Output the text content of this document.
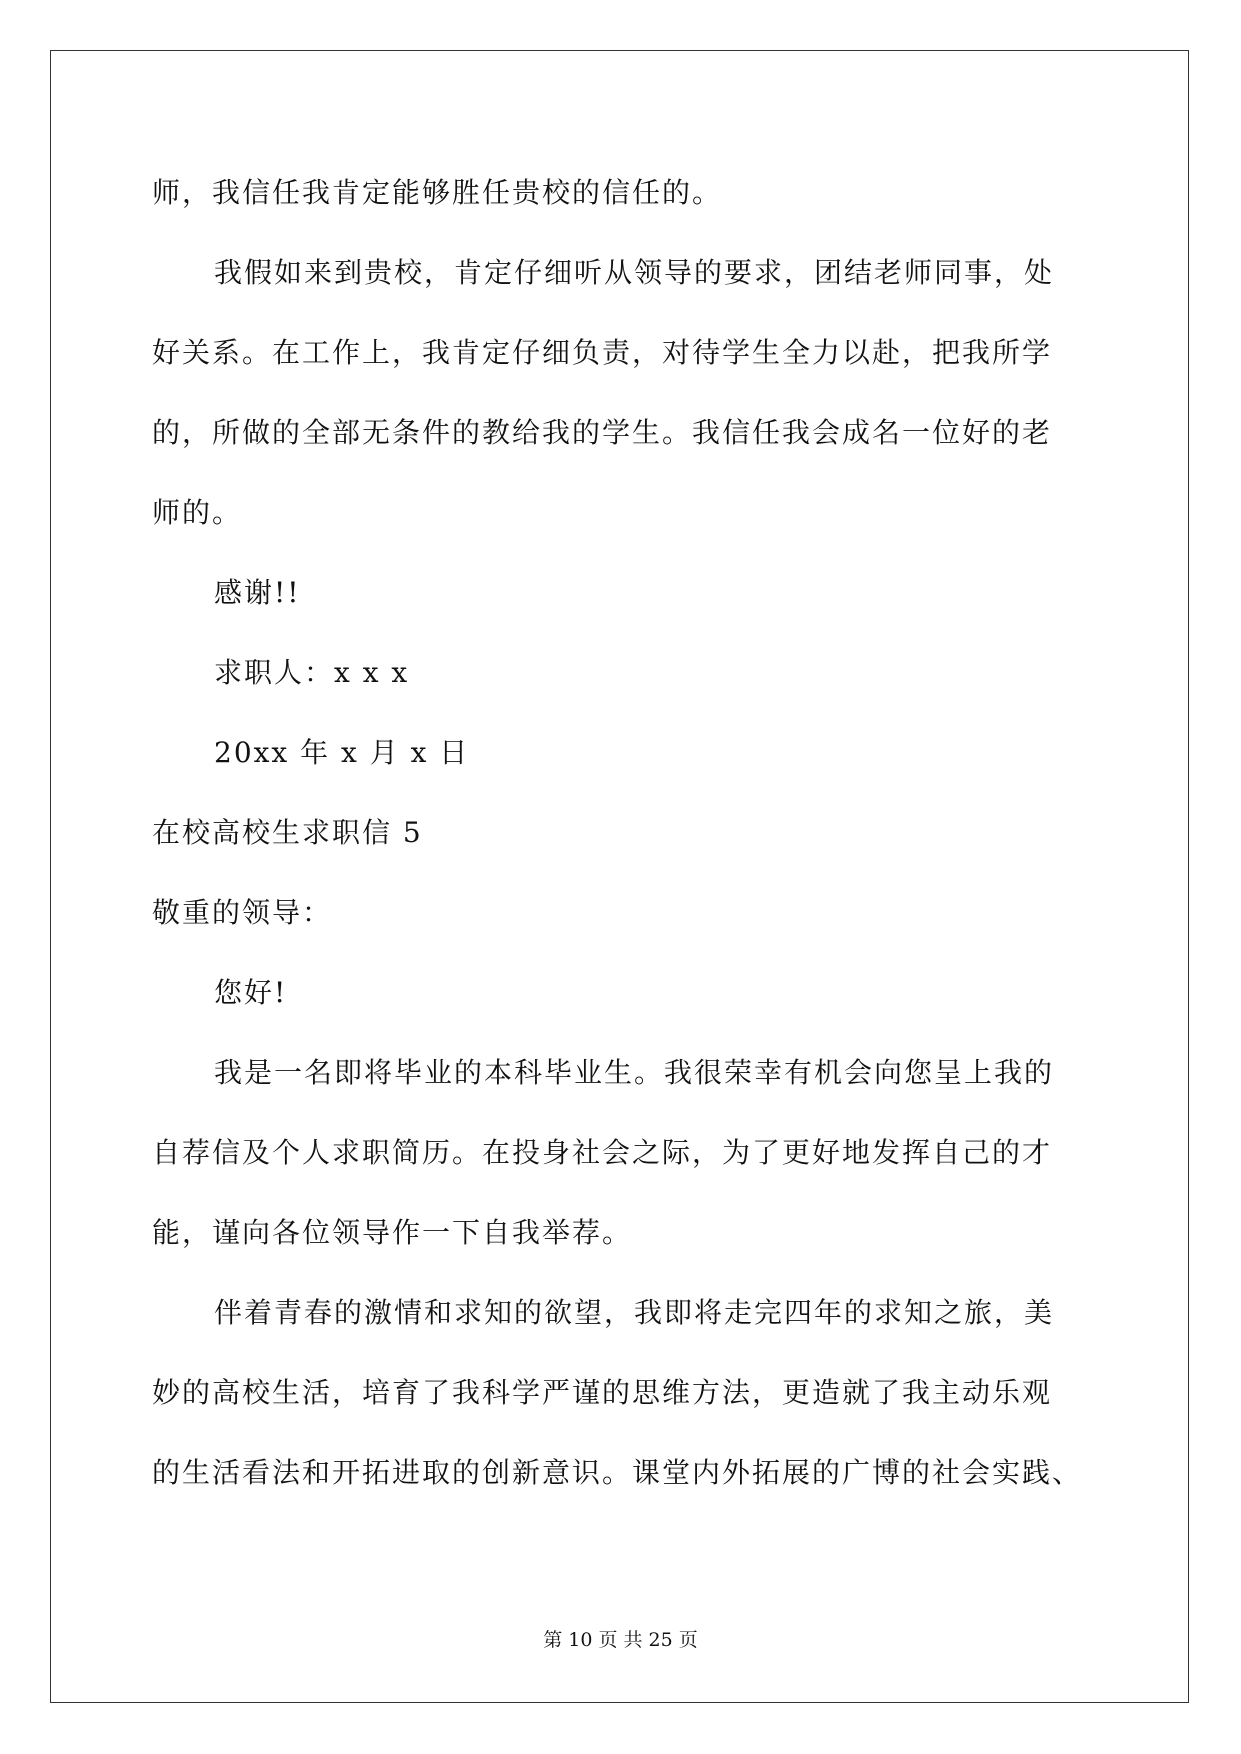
师，我信任我肯定能够胜任贵校的信任的。
我假如来到贵校，肯定仔细听从领导的要求，团结老师同事，处
好关系。在工作上，我肯定仔细负责，对待学生全力以赴，把我所学
的，所做的全部无条件的教给我的学生。我信任我会成名一位好的老
师的。
感谢!!
求职人：x x x
20xx 年 x 月 x 日
在校高校生求职信 5
敬重的领导：
您好!
我是一名即将毕业的本科毕业生。我很荣幸有机会向您呈上我的
自荐信及个人求职简历。在投身社会之际，为了更好地发挥自己的才
能，谨向各位领导作一下自我举荐。
伴着青春的激情和求知的欲望，我即将走完四年的求知之旅，美
妙的高校生活，培育了我科学严谨的思维方法，更造就了我主动乐观
的生活看法和开拓进取的创新意识。课堂内外拓展的广博的社会实践、
第 10 页 共 25 页
